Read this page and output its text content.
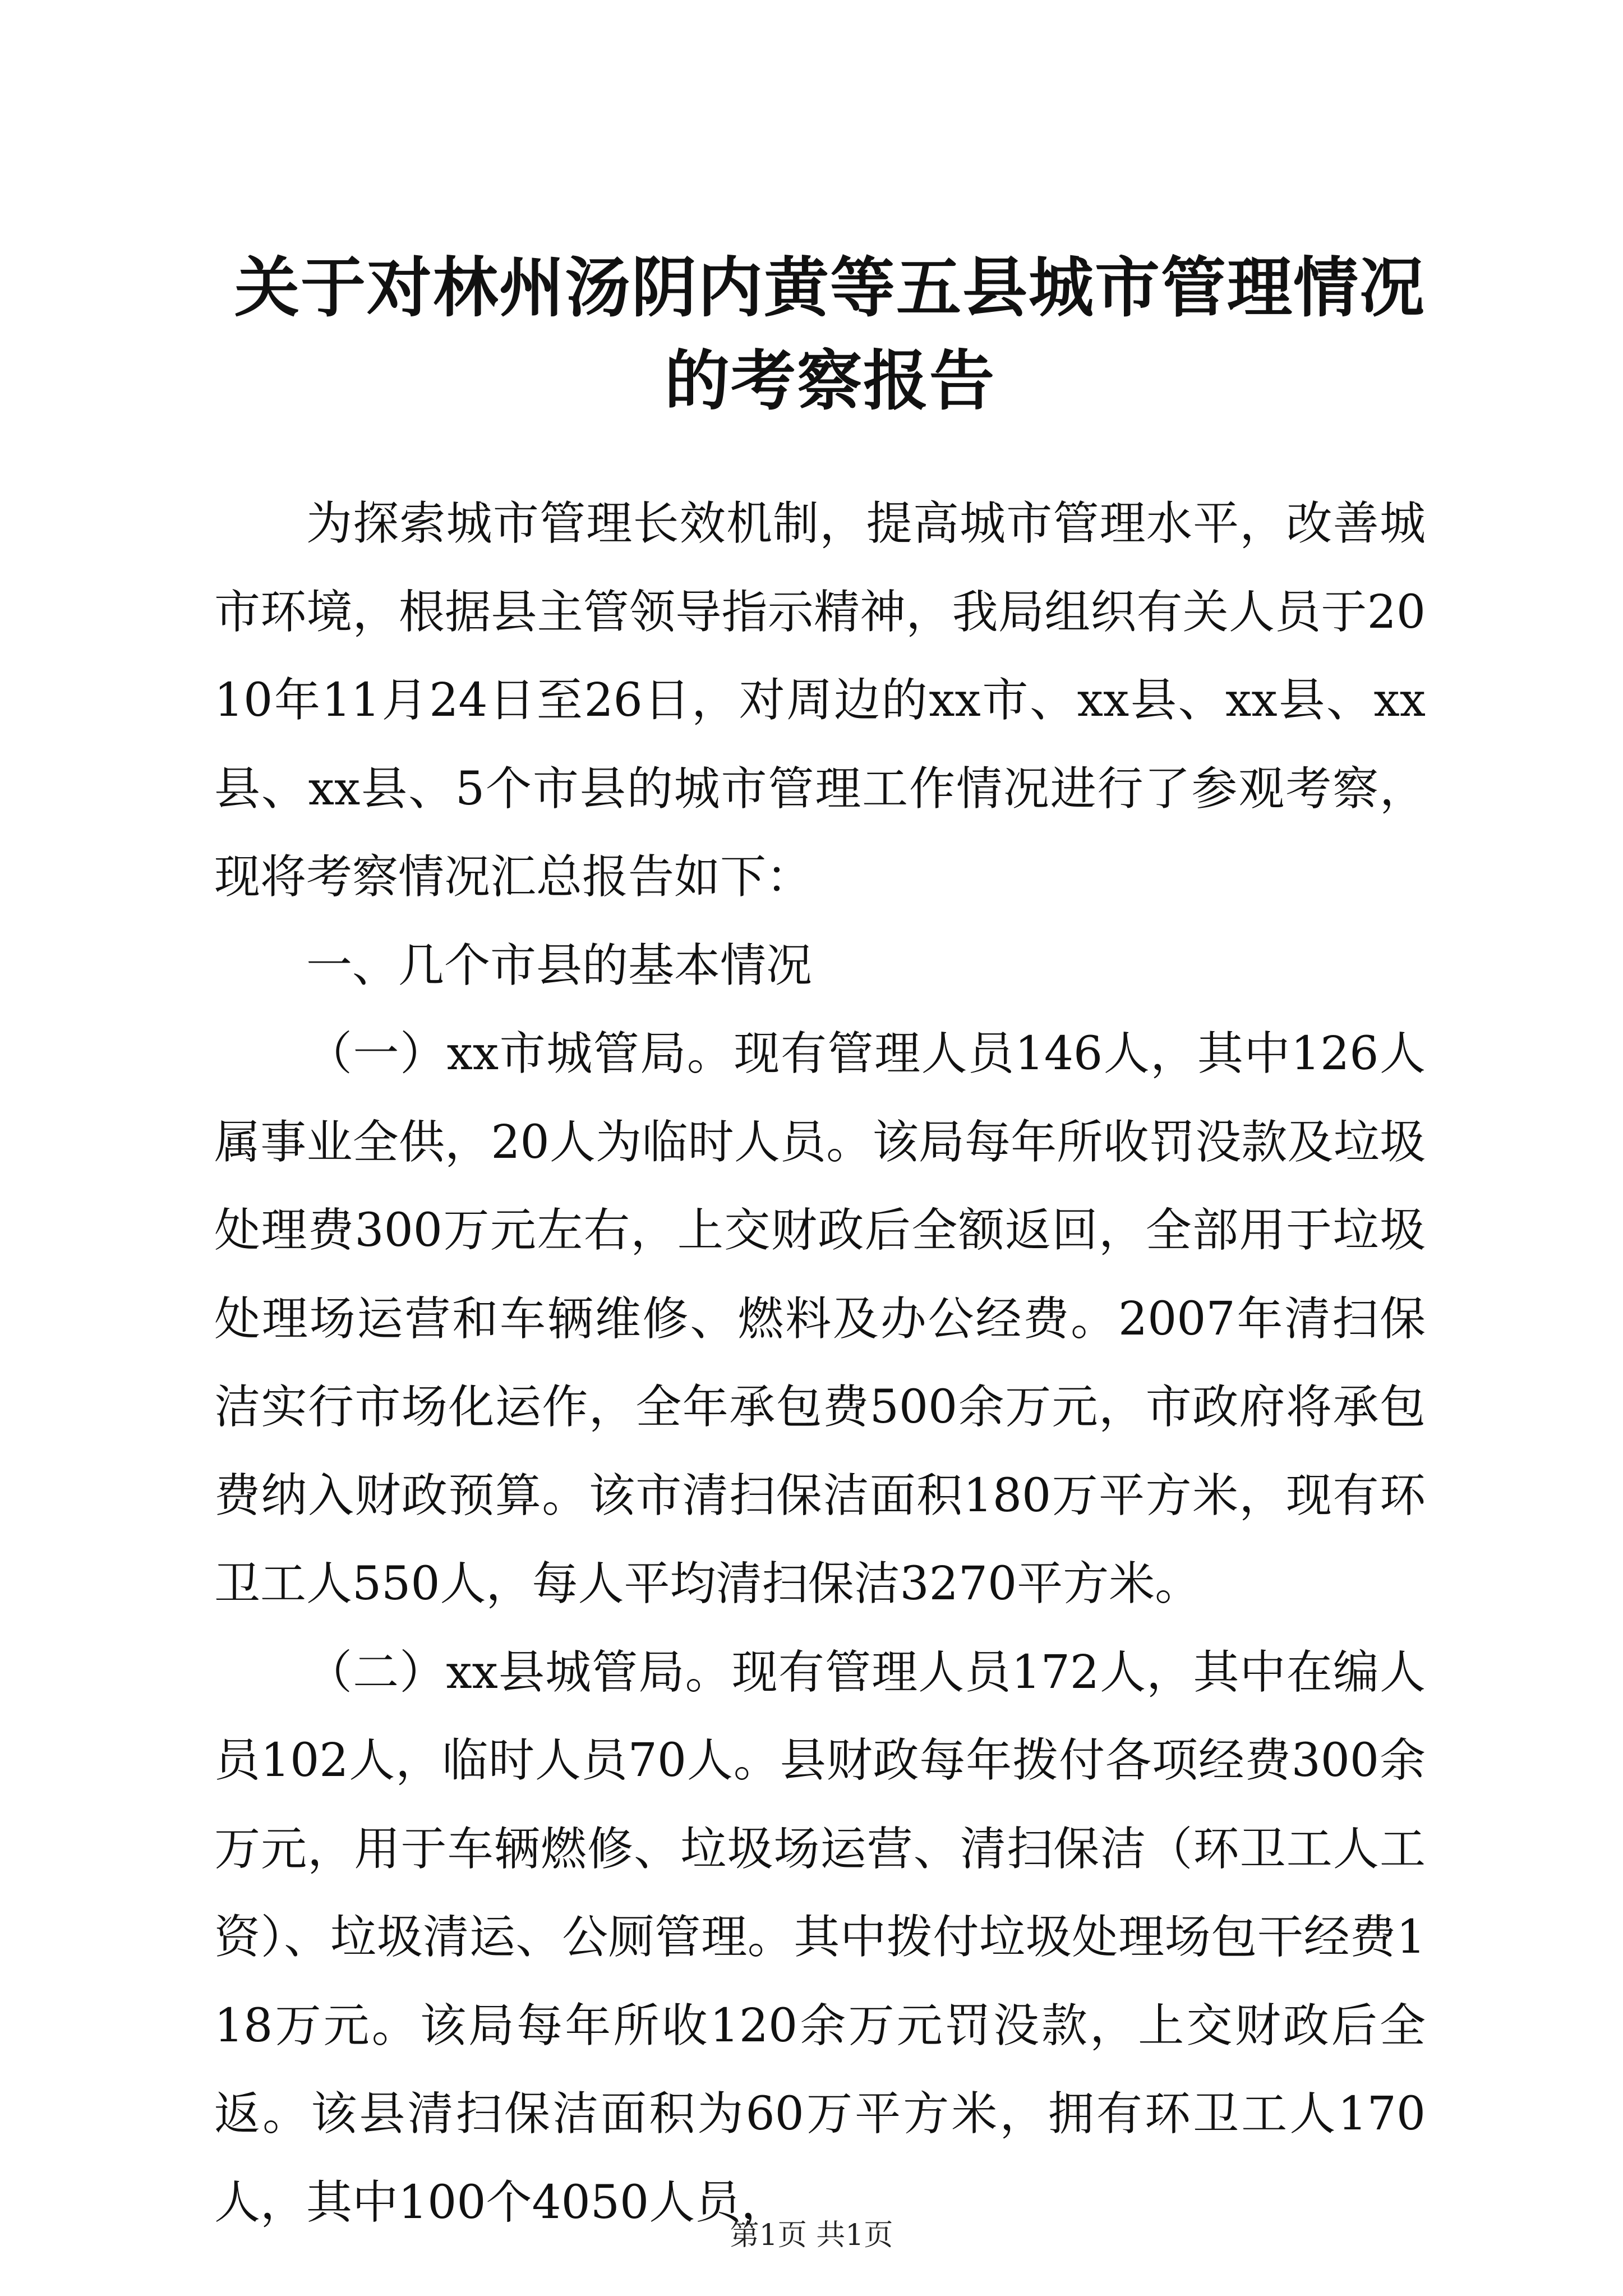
关于对林州汤阴内黄等五县城市管理情况的考察报告

为探索城市管理长效机制，提高城市管理水平，改善城市环境，根据县主管领导指示精神，我局组织有关人员于2010年11月24日至26日，对周边的xx市、xx县、xx县、xx县、xx县、5个市县的城市管理工作情况进行了参观考察，现将考察情况汇总报告如下：

一、几个市县的基本情况

（一）xx市城管局。现有管理人员146人，其中126人属事业全供，20人为临时人员。该局每年所收罚没款及垃圾处理费300万元左右，上交财政后全额返回，全部用于垃圾处理场运营和车辆维修、燃料及办公经费。2007年清扫保洁实行市场化运作，全年承包费500余万元，市政府将承包费纳入财政预算。该市清扫保洁面积180万平方米，现有环卫工人550人，每人平均清扫保洁3270平方米。

（二）xx县城管局。现有管理人员172人，其中在编人员102人，临时人员70人。县财政每年拨付各项经费300余万元，用于车辆燃修、垃圾场运营、清扫保洁（环卫工人工资）、垃圾清运、公厕管理。其中拨付垃圾处理场包干经费118万元。该局每年所收120余万元罚没款，上交财政后全返。该县清扫保洁面积为60万平方米，拥有环卫工人170人，其中100个4050人员，

第1页 共1页
